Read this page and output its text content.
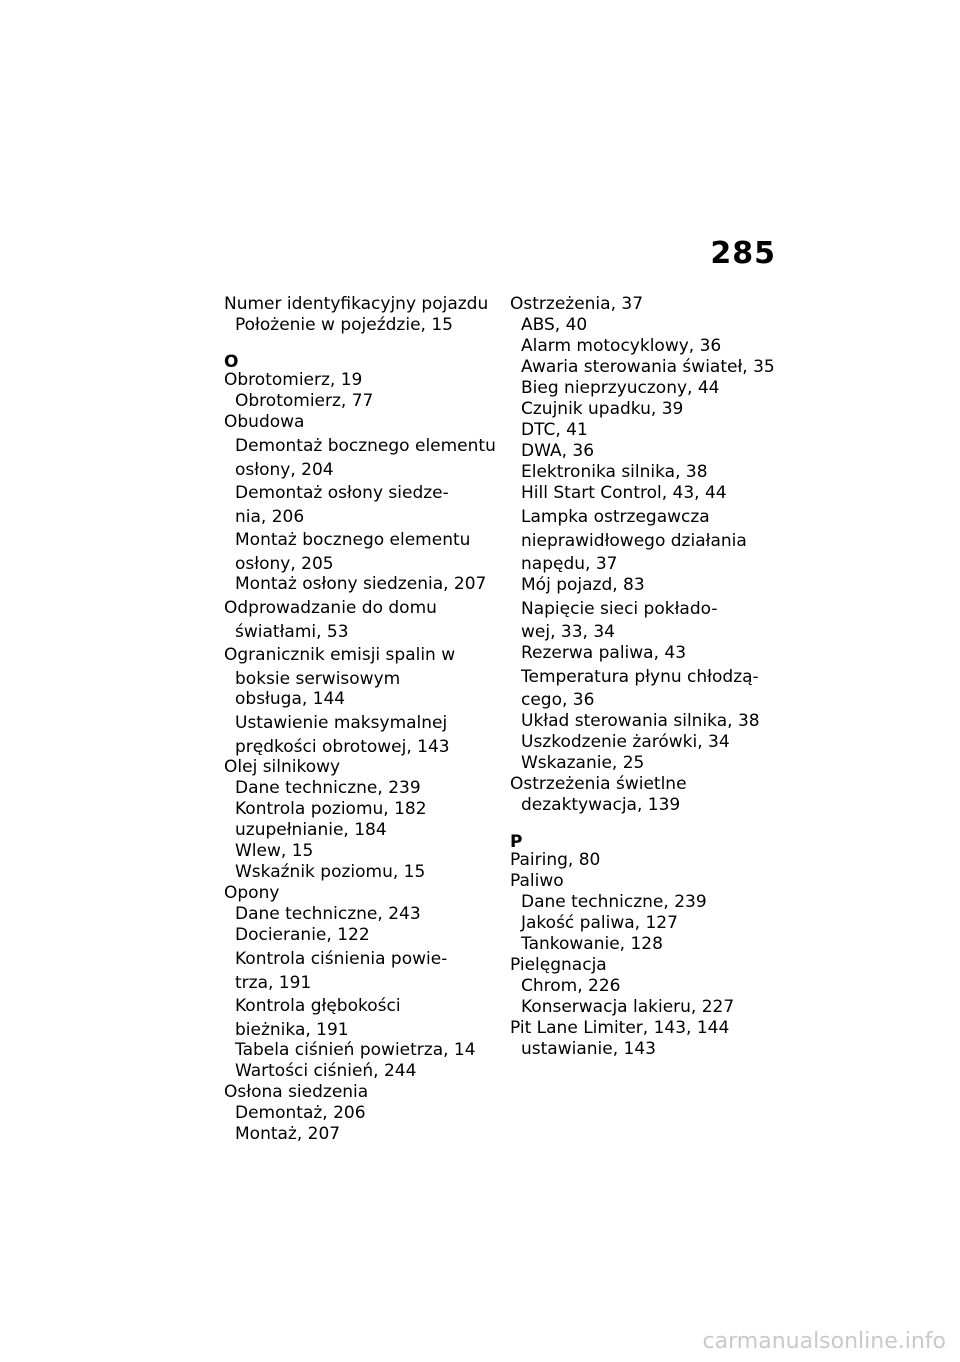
285
Numer identyfikacyjny pojazdu
Położenie w pojeździe, 15
O
Obrotomierz, 19
Obrotomierz, 77
Obudowa
Demontaż bocznego elementu
osłony, 204
Demontaż osłony siedze-
nia, 206
Montaż bocznego elementu
osłony, 205
Montaż osłony siedzenia, 207
Odprowadzanie do domu
światłami, 53
Ogranicznik emisji spalin w
boksie serwisowym
obsługa, 144
Ustawienie maksymalnej
prędkości obrotowej, 143
Olej silnikowy
Dane techniczne, 239
Kontrola poziomu, 182
uzupełnianie, 184
Wlew, 15
Wskaźnik poziomu, 15
Opony
Dane techniczne, 243
Docieranie, 122
Kontrola ciśnienia powie-
trza, 191
Kontrola głębokości
bieżnika, 191
Tabela ciśnień powietrza, 14
Wartości ciśnień, 244
Osłona siedzenia
Demontaż, 206
Montaż, 207
Ostrzeżenia, 37
ABS, 40
Alarm motocyklowy, 36
Awaria sterowania świateł, 35
Bieg nieprzyuczony, 44
Czujnik upadku, 39
DTC, 41
DWA, 36
Elektronika silnika, 38
Hill Start Control, 43, 44
Lampka ostrzegawcza
nieprawidłowego działania
napędu, 37
Mój pojazd, 83
Napięcie sieci pokłado-
wej, 33, 34
Rezerwa paliwa, 43
Temperatura płynu chłodzą-
cego, 36
Układ sterowania silnika, 38
Uszkodzenie żarówki, 34
Wskazanie, 25
Ostrzeżenia świetlne
dezaktywacja, 139
P
Pairing, 80
Paliwo
Dane techniczne, 239
Jakość paliwa, 127
Tankowanie, 128
Pielęgnacja
Chrom, 226
Konserwacja lakieru, 227
Pit Lane Limiter, 143, 144
ustawianie, 143
carmanualsonline.info
